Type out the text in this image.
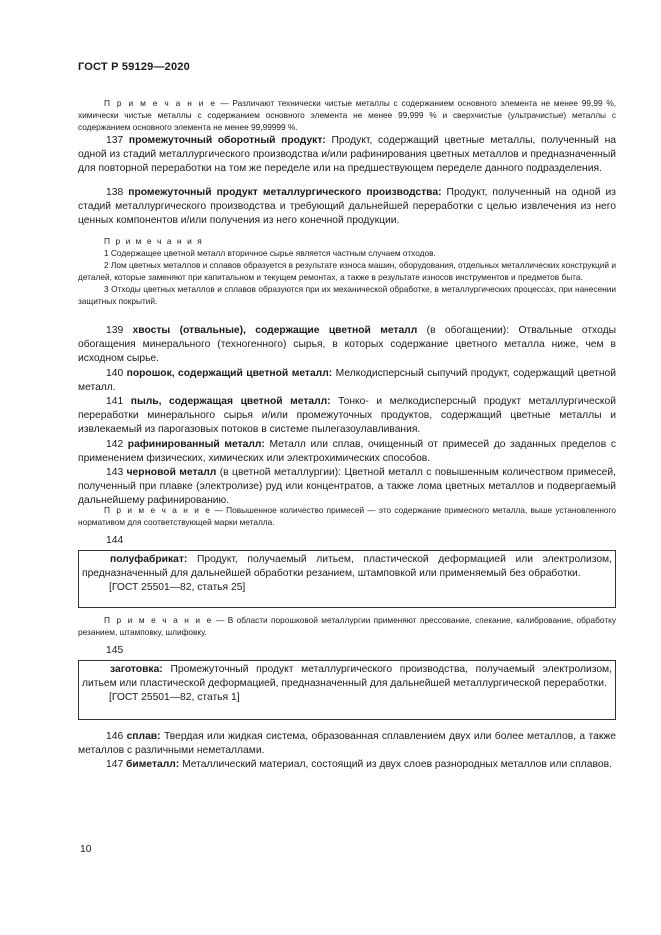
ГОСТ Р 59129—2020

П р и м е ч а н и е — Различают технически чистые металлы с содержанием основного элемента не менее 99,99 %, химически чистые металлы с содержанием основного элемента не менее 99,999 % и сверхчистые (ультрачистые) металлы с содержанием основного элемента не менее 99,99999 %.

137 промежуточный оборотный продукт: Продукт, содержащий цветные металлы, полученный на одной из стадий металлургического производства и/или рафинирования цветных металлов и предназначенный для повторной переработки на том же переделе или на предшествующем переделе данного подразделения.

138 промежуточный продукт металлургического производства: Продукт, полученный на одной из стадий металлургического производства и требующий дальнейшей переработки с целью извлечения из него ценных компонентов и/или получения из него конечной продукции.

П р и м е ч а н и я

1 Содержащее цветной металл вторичное сырье является частным случаем отходов.

2 Лом цветных металлов и сплавов образуется в результате износа машин, оборудования, отдельных металлических конструкций и деталей, которые заменяют при капитальном и текущем ремонтах, а также в результате износов инструментов и предметов быта.

3 Отходы цветных металлов и сплавов образуются при их механической обработке, в металлургических процессах, при нанесении защитных покрытий.

139 хвосты (отвальные), содержащие цветной металл (в обогащении): Отвальные отходы обогащения минерального (техногенного) сырья, в которых содержание цветного металла ниже, чем в исходном сырье.

140 порошок, содержащий цветной металл: Мелкодисперсный сыпучий продукт, содержащий цветной металл.

141 пыль, содержащая цветной металл: Тонко- и мелкодисперсный продукт металлургической переработки минерального сырья и/или промежуточных продуктов, содержащий цветные металлы и извлекаемый из парогазовых потоков в системе пылегазоулавливания.

142 рафинированный металл: Металл или сплав, очищенный от примесей до заданных пределов с применением физических, химических или электрохимических способов.

143 черновой металл (в цветной металлургии): Цветной металл с повышенным количеством примесей, полученный при плавке (электролизе) руд или концентратов, а также лома цветных металлов и подвергаемый дальнейшему рафинированию.

П р и м е ч а н и е — Повышенное количество примесей — это содержание примесного металла, выше установленного нормативом для соответствующей марки металла.

144

полуфабрикат: Продукт, получаемый литьем, пластической деформацией или электролизом, предназначенный для дальнейшей обработки резанием, штамповкой или применяемый без обработки.

[ГОСТ 25501—82, статья 25]

П р и м е ч а н и е — В области порошковой металлургии применяют прессование, спекание, калибрование, обработку резанием, штамповку, шлифовку.

145

заготовка: Промежуточный продукт металлургического производства, получаемый электролизом, литьем или пластической деформацией, предназначенный для дальнейшей металлургической переработки.

[ГОСТ 25501—82, статья 1]

146 сплав: Твердая или жидкая система, образованная сплавлением двух или более металлов, а также металлов с различными неметаллами.

147 биметалл: Металлический материал, состоящий из двух слоев разнородных металлов или сплавов.

10
